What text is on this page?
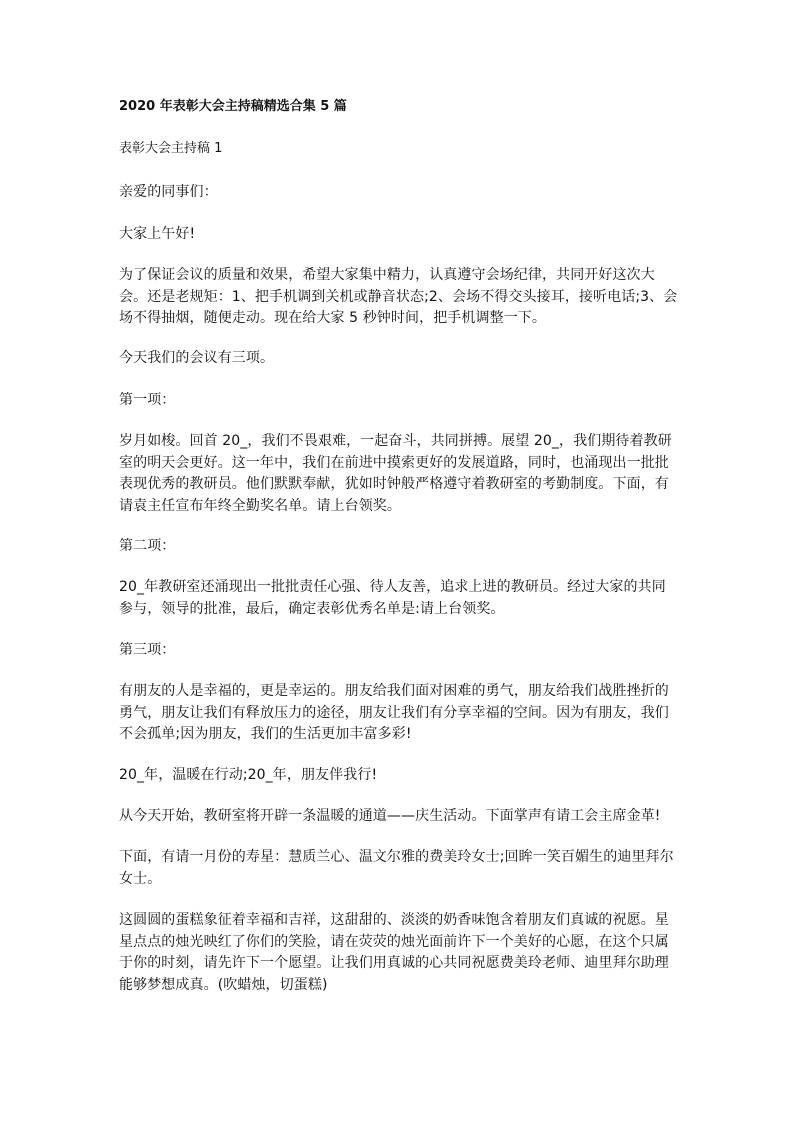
2020 年表彰大会主持稿精选合集 5 篇
表彰大会主持稿 1
亲爱的同事们：
大家上午好!
为了保证会议的质量和效果，希望大家集中精力，认真遵守会场纪律，共同开好这次大会。还是老规矩：1、把手机调到关机或静音状态;2、会场不得交头接耳，接听电话;3、会场不得抽烟，随便走动。现在给大家 5 秒钟时间，把手机调整一下。
今天我们的会议有三项。
第一项：
岁月如梭。回首 20_，我们不畏艰难，一起奋斗，共同拼搏。展望 20_，我们期待着教研室的明天会更好。这一年中，我们在前进中摸索更好的发展道路，同时，也涌现出一批批表现优秀的教研员。他们默默奉献，犹如时钟般严格遵守着教研室的考勤制度。下面，有请袁主任宣布年终全勤奖名单。请上台领奖。
第二项：
20_年教研室还涌现出一批批责任心强、待人友善，追求上进的教研员。经过大家的共同参与，领导的批准，最后，确定表彰优秀名单是:请上台领奖。
第三项：
有朋友的人是幸福的，更是幸运的。朋友给我们面对困难的勇气，朋友给我们战胜挫折的勇气，朋友让我们有释放压力的途径，朋友让我们有分享幸福的空间。因为有朋友，我们不会孤单;因为朋友，我们的生活更加丰富多彩!
20_年，温暖在行动;20_年，朋友伴我行!
从今天开始，教研室将开辟一条温暖的通道——庆生活动。下面掌声有请工会主席金革!
下面，有请一月份的寿星：慧质兰心、温文尔雅的费美玲女士;回眸一笑百媚生的迪里拜尔女士。
这圆圆的蛋糕象征着幸福和吉祥，这甜甜的、淡淡的奶香味饱含着朋友们真诚的祝愿。星星点点的烛光映红了你们的笑脸，请在荧荧的烛光面前许下一个美好的心愿，在这个只属于你的时刻，请先许下一个愿望。让我们用真诚的心共同祝愿费美玲老师、迪里拜尔助理能够梦想成真。(吹蜡烛，切蛋糕)
